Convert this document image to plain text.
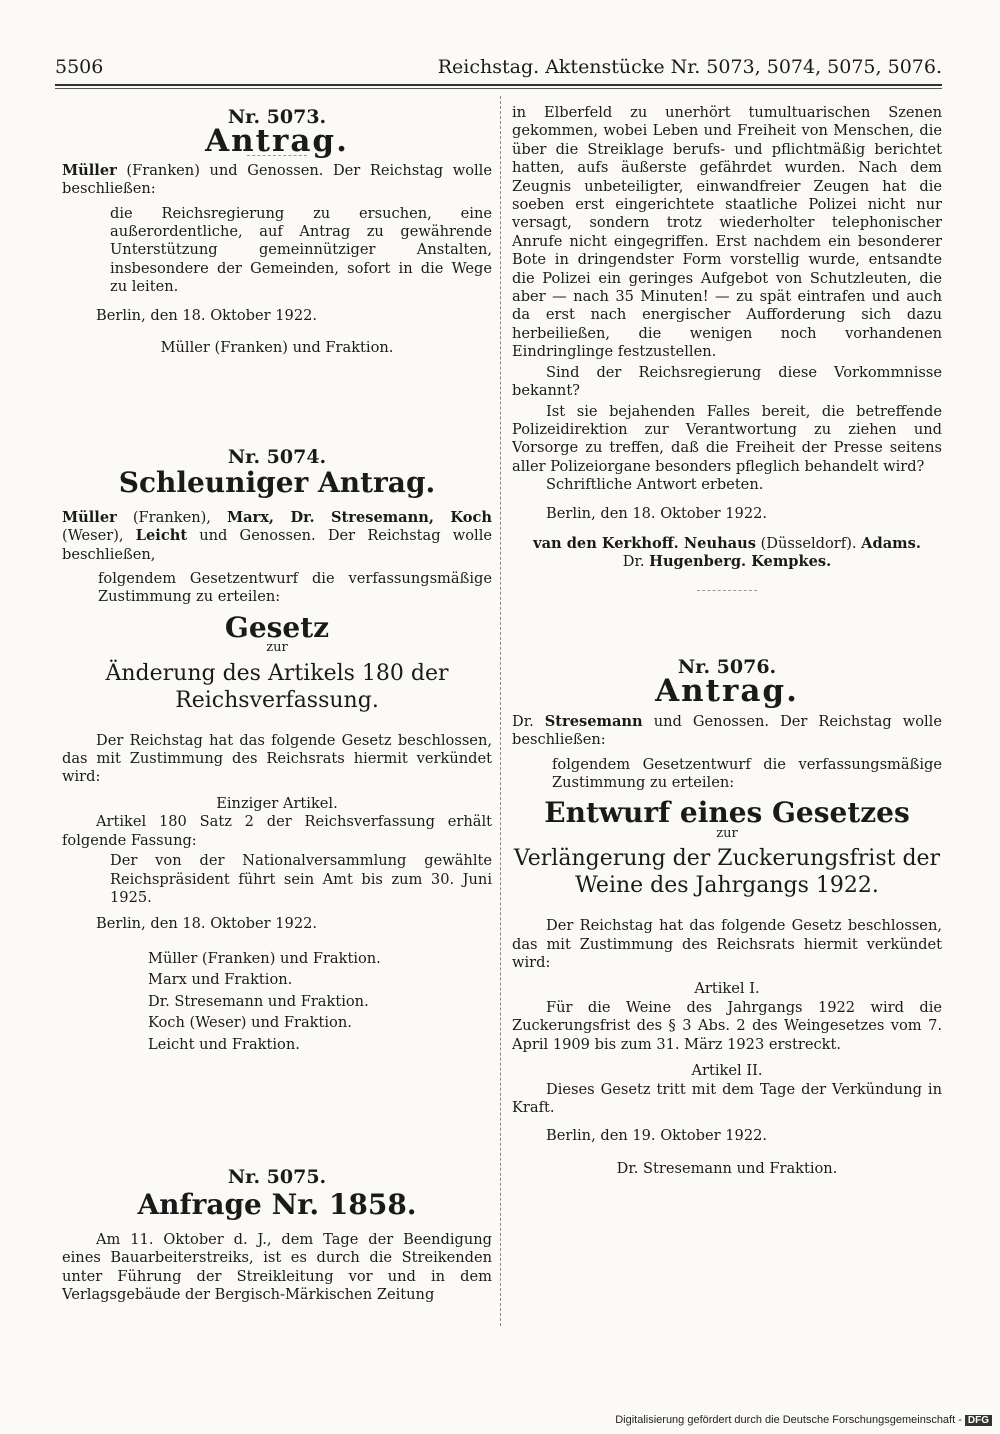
5506	Reichstag. Aktenstücke Nr. 5073, 5074, 5075, 5076.
Nr. 5073.
Antrag.

Müller (Franken) und Genossen. Der Reichstag wolle beschließen:

die Reichsregierung zu ersuchen, eine außerordentliche, auf Antrag zu gewährende Unterstützung gemeinnütziger Anstalten, insbesondere der Gemeinden, sofort in die Wege zu leiten.

Berlin, den 18. Oktober 1922.

Müller (Franken) und Fraktion.
Nr. 5074.
Schleuniger Antrag.

Müller (Franken), Marx, Dr. Stresemann, Koch (Weser), Leicht und Genossen. Der Reichstag wolle beschließen,

folgendem Gesetzentwurf die verfassungsmäßige Zustimmung zu erteilen:

Gesetz
zur
Änderung des Artikels 180 der Reichsverfassung.

Der Reichstag hat das folgende Gesetz beschlossen, das mit Zustimmung des Reichsrats hiermit verkündet wird:

Einziger Artikel.

Artikel 180 Satz 2 der Reichsverfassung erhält folgende Fassung:

Der von der Nationalversammlung gewählte Reichspräsident führt sein Amt bis zum 30. Juni 1925.

Berlin, den 18. Oktober 1922.

Müller (Franken) und Fraktion.

Marx und Fraktion.

Dr. Stresemann und Fraktion.

Koch (Weser) und Fraktion.

Leicht und Fraktion.

Nr. 5075.
Anfrage Nr. 1858.

Am 11. Oktober d. J., dem Tage der Beendigung eines Bauarbeiterstreiks, ist es durch die Streikenden unter Führung der Streikleitung vor und in dem Verlagsgebäude der Bergisch-Märkischen Zeitung

in Elberfeld zu unerhört tumultuarischen Szenen gekommen, wobei Leben und Freiheit von Menschen, die über die Streiklage berufs- und pflichtmäßig berichtet hatten, aufs äußerste gefährdet wurden. Nach dem Zeugnis unbeteiligter, einwandfreier Zeugen hat die soeben erst eingerichtete staatliche Polizei nicht nur versagt, sondern trotz wiederholter telephonischer Anrufe nicht eingegriffen. Erst nachdem ein besonderer Bote in dringendster Form vorstellig wurde, entsandte die Polizei ein geringes Aufgebot von Schutzleuten, die aber — nach 35 Minuten! — zu spät eintrafen und auch da erst nach energischer Aufforderung sich dazu herbeiließen, die wenigen noch vorhandenen Eindringlinge festzustellen.

Sind der Reichsregierung diese Vorkommnisse bekannt?

Ist sie bejahenden Falles bereit, die betreffende Polizeidirektion zur Verantwortung zu ziehen und Vorsorge zu treffen, daß die Freiheit der Presse seitens aller Polizeiorgane besonders pfleglich behandelt wird?

Schriftliche Antwort erbeten.

Berlin, den 18. Oktober 1922.

van den Kerkhoff. Neuhaus (Düsseldorf). Adams.
Dr. Hugenberg. Kempkes.
Nr. 5076.
Antrag.

Dr. Stresemann und Genossen. Der Reichstag wolle beschließen:

folgendem Gesetzentwurf die verfassungsmäßige Zustimmung zu erteilen:

Entwurf eines Gesetzes
zur
Verlängerung der Zuckerungsfrist der Weine des Jahrgangs 1922.

Der Reichstag hat das folgende Gesetz beschlossen, das mit Zustimmung des Reichsrats hiermit verkündet wird:

Artikel I.

Für die Weine des Jahrgangs 1922 wird die Zuckerungsfrist des § 3 Abs. 2 des Weingesetzes vom 7. April 1909 bis zum 31. März 1923 erstreckt.

Artikel II.

Dieses Gesetz tritt mit dem Tage der Verkündung in Kraft.

Berlin, den 19. Oktober 1922.

Dr. Stresemann und Fraktion.
Digitalisierung gefördert durch die Deutsche Forschungsgemeinschaft - DFG
